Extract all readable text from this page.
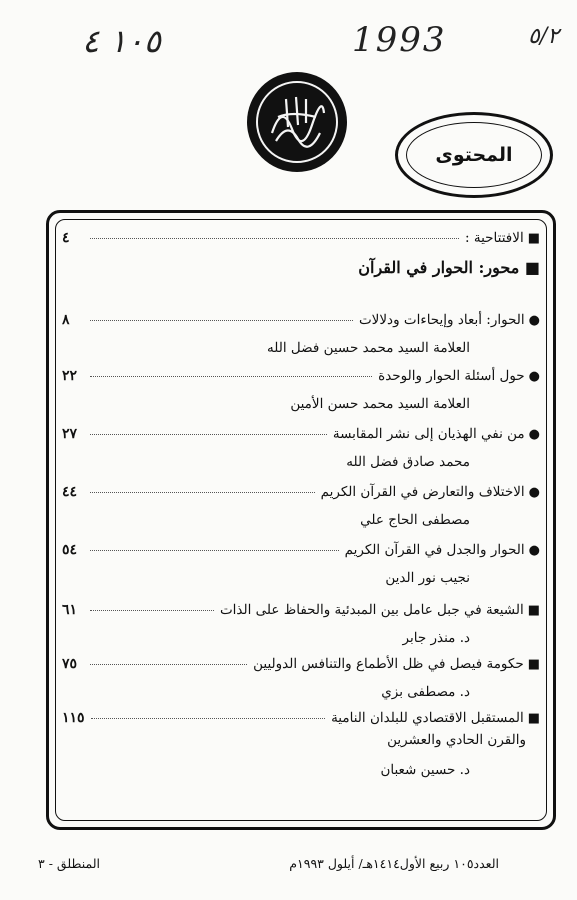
١٠٥ ٤	1993	٥/٢
المحتوى
■
الافتتاحية :
٤
■ محور: الحوار في القرآن
●
الحوار: أبعاد وإيحاءات ودلالات
٨
العلامة السيد محمد حسين فضل الله
●
حول أسئلة الحوار والوحدة
٢٢
العلامة السيد محمد حسن الأمين
●
من نفي الهذيان إلى نشر المقابسة
٢٧
محمد صادق فضل الله
●
الاختلاف والتعارض في القرآن الكريم
٤٤
مصطفى الحاج علي
●
الحوار والجدل في القرآن الكريم
٥٤
نجيب نور الدين
■
الشيعة في جبل عامل بين المبدئية والحفاظ على الذات
٦١
د. منذر جابر
■
حكومة فيصل في ظل الأطماع والتنافس الدوليين
٧٥
د. مصطفى بزي
■
المستقبل الاقتصادي للبلدان النامية
١١٥
والقرن الحادي والعشرين
د. حسين شعبان
العدد١٠٥ ربيع الأول١٤١٤هـ/ أيلول ١٩٩٣م
المنطلق - ٣
